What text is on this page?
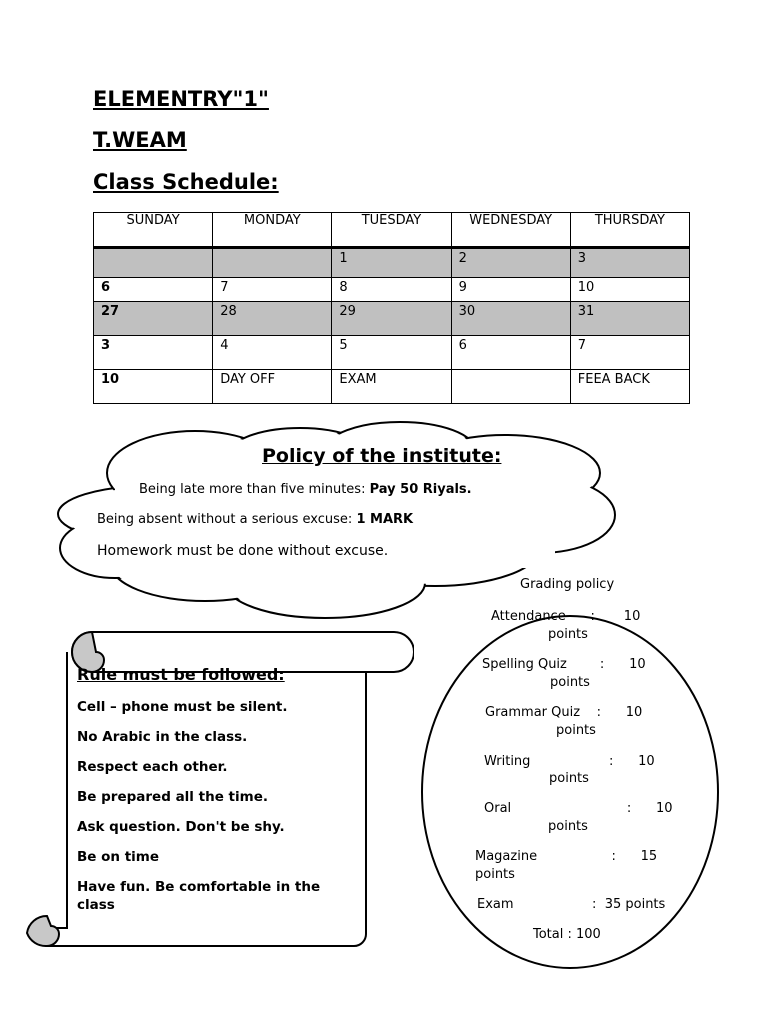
ELEMENTRY"1"
T.WEAM
Class Schedule:
SUNDAY	MONDAY	TUESDAY	WEDNESDAY	THURSDAY
		1	2	3
6	7	8	9	10
27	28	29	30	31
3	4	5	6	7
10	DAY OFF	EXAM		FEEA BACK
Policy of the institute:
Being late more than five minutes: Pay 50 Riyals.
Being absent without a serious excuse: 1 MARK
Homework must be done without excuse.
Rule must be followed:
Cell – phone must be silent.
No Arabic in the class.
Respect each other.
Be prepared all the time.
Ask question. Don't be shy.
Be on time
Have fun. Be comfortable in the class
Grading policy
Attendance      :       10
points
Spelling Quiz        :      10
points
Grammar Quiz    :      10
points
Writing                   :      10
points
Oral                            :      10
points
Magazine                  :      15
points
Exam                   :  35 points
Total : 100
